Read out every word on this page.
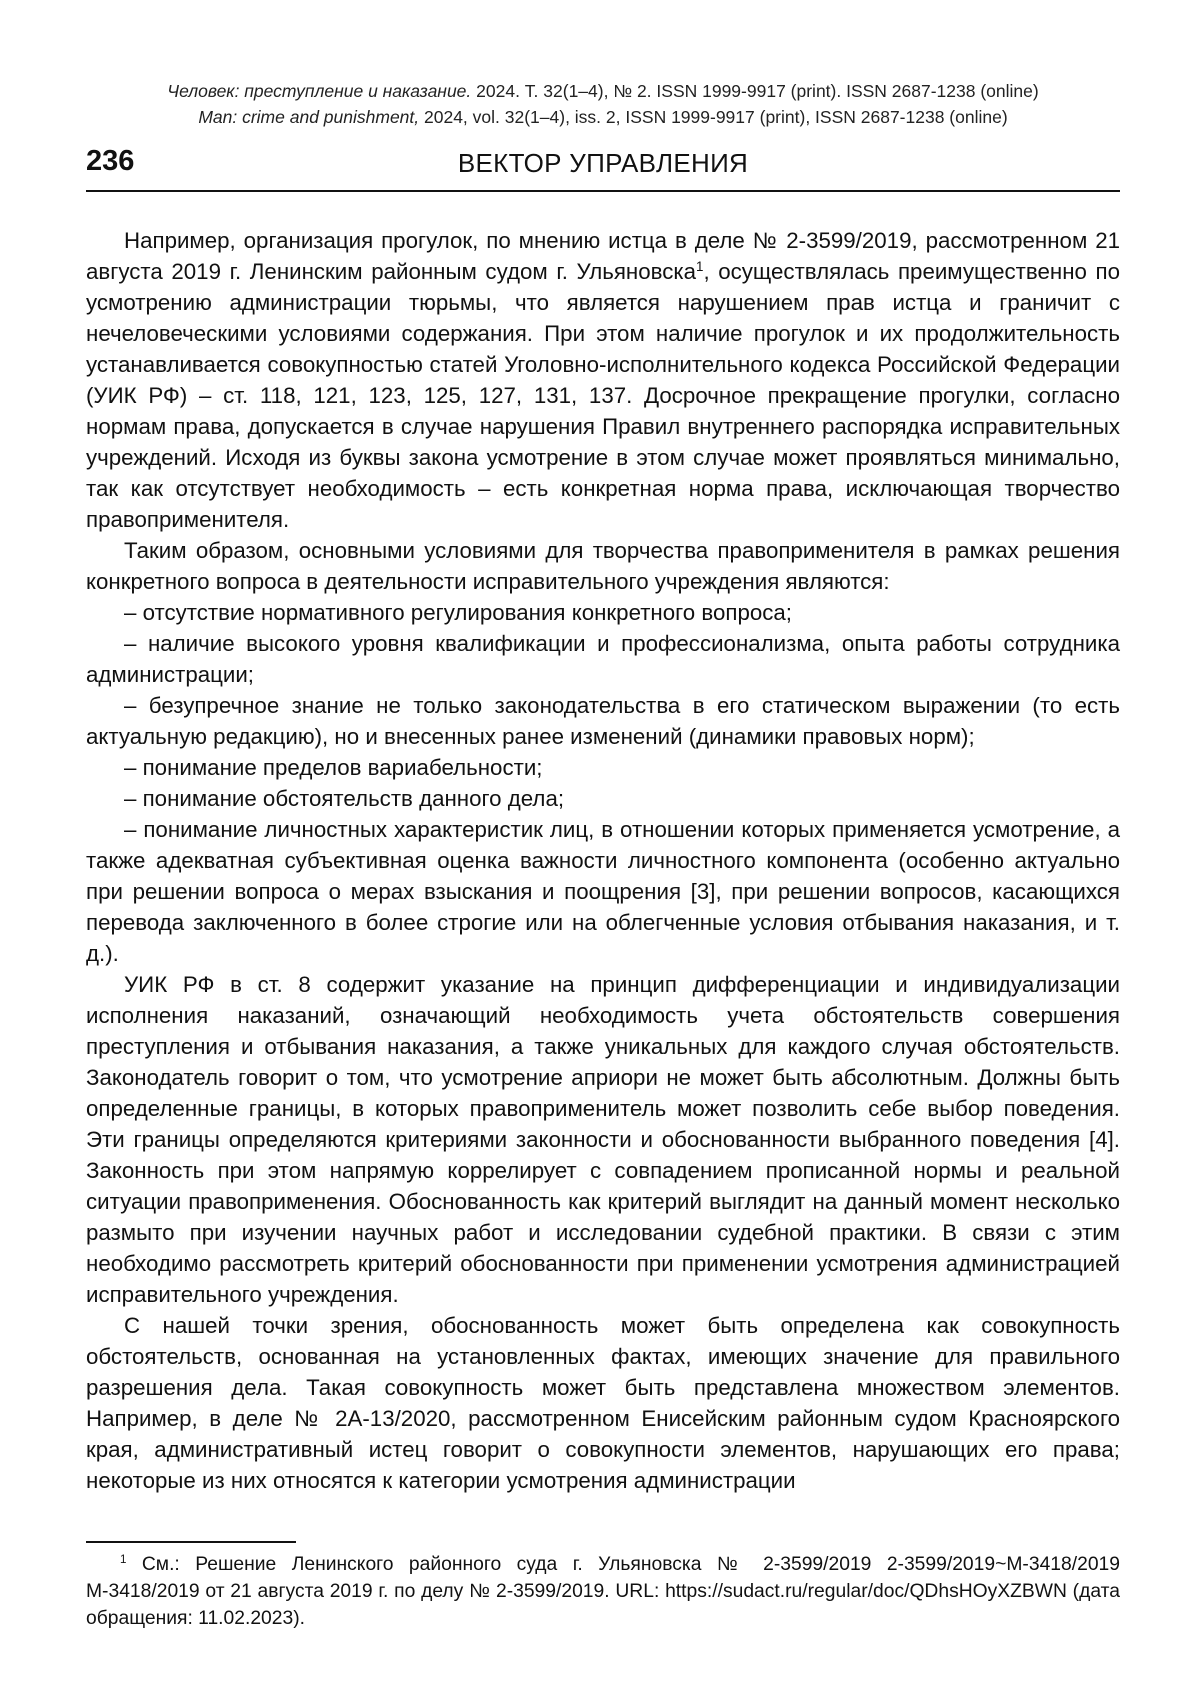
Человек: преступление и наказание. 2024. Т. 32(1–4), № 2. ISSN 1999-9917 (print). ISSN 2687-1238 (online)
Man: crime and punishment, 2024, vol. 32(1–4), iss. 2, ISSN 1999-9917 (print), ISSN 2687-1238 (online)
236	ВЕКТОР УПРАВЛЕНИЯ

Например, организация прогулок, по мнению истца в деле № 2-3599/2019, рассмотренном 21 августа 2019 г. Ленинским районным судом г. Ульяновска$^1$, осуществлялась преимущественно по усмотрению администрации тюрьмы, что является нарушением прав истца и граничит с нечеловеческими условиями содержания. При этом наличие прогулок и их продолжительность устанавливается совокупностью статей Уголовно-исполнительного кодекса Российской Федерации (УИК РФ) – ст. 118, 121, 123, 125, 127, 131, 137. Досрочное прекращение прогулки, согласно нормам права, допускается в случае нарушения Правил внутреннего распорядка исправительных учреждений. Исходя из буквы закона усмотрение в этом случае может проявляться минимально, так как отсутствует необходимость – есть конкретная норма права, исключающая творчество правоприменителя.

Таким образом, основными условиями для творчества правоприменителя в рамках решения конкретного вопроса в деятельности исправительного учреждения являются:

– отсутствие нормативного регулирования конкретного вопроса;

– наличие высокого уровня квалификации и профессионализма, опыта работы сотрудника администрации;

– безупречное знание не только законодательства в его статическом выражении (то есть актуальную редакцию), но и внесенных ранее изменений (динамики правовых норм);

– понимание пределов вариабельности;

– понимание обстоятельств данного дела;

– понимание личностных характеристик лиц, в отношении которых применяется усмотрение, а также адекватная субъективная оценка важности личностного компонента (особенно актуально при решении вопроса о мерах взыскания и поощрения [3], при решении вопросов, касающихся перевода заключенного в более строгие или на облегченные условия отбывания наказания, и т. д.).

УИК РФ в ст. 8 содержит указание на принцип дифференциации и индивидуализации исполнения наказаний, означающий необходимость учета обстоятельств совершения преступления и отбывания наказания, а также уникальных для каждого случая обстоятельств. Законодатель говорит о том, что усмотрение априори не может быть абсолютным. Должны быть определенные границы, в которых правоприменитель может позволить себе выбор поведения. Эти границы определяются критериями законности и обоснованности выбранного поведения [4]. Законность при этом напрямую коррелирует с совпадением прописанной нормы и реальной ситуации правоприменения. Обоснованность как критерий выглядит на данный момент несколько размыто при изучении научных работ и исследовании судебной практики. В связи с этим необходимо рассмотреть критерий обоснованности при применении усмотрения администрацией исправительного учреждения.

С нашей точки зрения, обоснованность может быть определена как совокупность обстоятельств, основанная на установленных фактах, имеющих значение для правильного разрешения дела. Такая совокупность может быть представлена множеством элементов. Например, в деле № 2А-13/2020, рассмотренном Енисейским районным судом Красноярского края, административный истец говорит о совокупности элементов, нарушающих его права; некоторые из них относятся к категории усмотрения администрации

$^1$ См.: Решение Ленинского районного суда г. Ульяновска № 2-3599/2019 2-3599/2019~М-3418/2019 М-3418/2019 от 21 августа 2019 г. по делу № 2-3599/2019. URL: https://sudact.ru/regular/doc/QDhsHOyXZBWN (дата обращения: 11.02.2023).
